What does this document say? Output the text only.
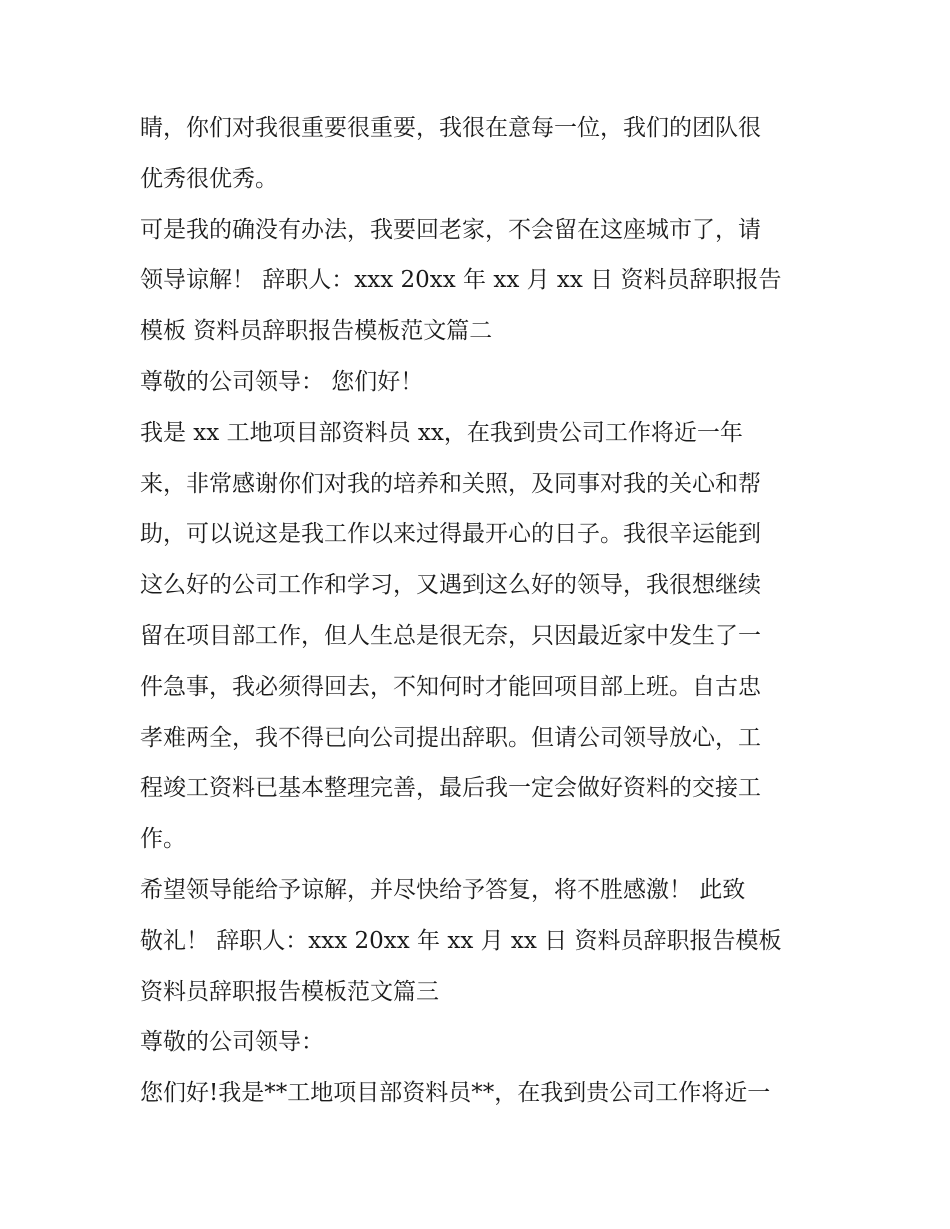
睛，你们对我很重要很重要，我很在意每一位，我们的团队很
优秀很优秀。
可是我的确没有办法，我要回老家，不会留在这座城市了，请
领导谅解！ 辞职人：xxx 20xx 年 xx 月 xx 日 资料员辞职报告
模板 资料员辞职报告模板范文篇二
尊敬的公司领导： 您们好！
我是 xx 工地项目部资料员 xx，在我到贵公司工作将近一年
来，非常感谢你们对我的培养和关照，及同事对我的关心和帮
助，可以说这是我工作以来过得最开心的日子。我很辛运能到
这么好的公司工作和学习，又遇到这么好的领导，我很想继续
留在项目部工作，但人生总是很无奈，只因最近家中发生了一
件急事，我必须得回去，不知何时才能回项目部上班。自古忠
孝难两全，我不得已向公司提出辞职。但请公司领导放心，工
程竣工资料已基本整理完善，最后我一定会做好资料的交接工
作。
希望领导能给予谅解，并尽快给予答复，将不胜感激！ 此致
敬礼！ 辞职人：xxx 20xx 年 xx 月 xx 日 资料员辞职报告模板
资料员辞职报告模板范文篇三
尊敬的公司领导：
您们好!我是**工地项目部资料员**，在我到贵公司工作将近一
